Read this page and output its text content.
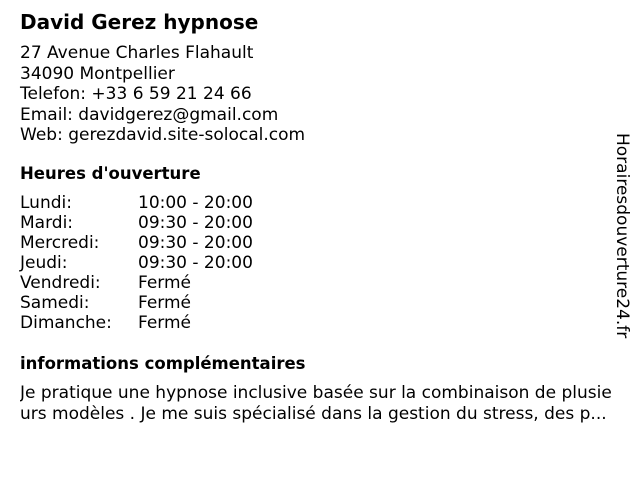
David Gerez hypnose
27 Avenue Charles Flahault
34090 Montpellier
Telefon: +33 6 59 21 24 66
Email: davidgerez@gmail.com
Web: gerezdavid.site-solocal.com
Heures d'ouverture
Lundi:	10:00 - 20:00
Mardi:	09:30 - 20:00
Mercredi: 09:30 - 20:00
Jeudi:	09:30 - 20:00
Vendredi: Fermé
Samedi:	Fermé
Dimanche: Fermé
informations complémentaires
Je pratique une hypnose inclusive basée sur la combinaison de plusie
urs modèles . Je me suis spécialisé dans la gestion du stress, des p...
Horairesdouverture24.fr
